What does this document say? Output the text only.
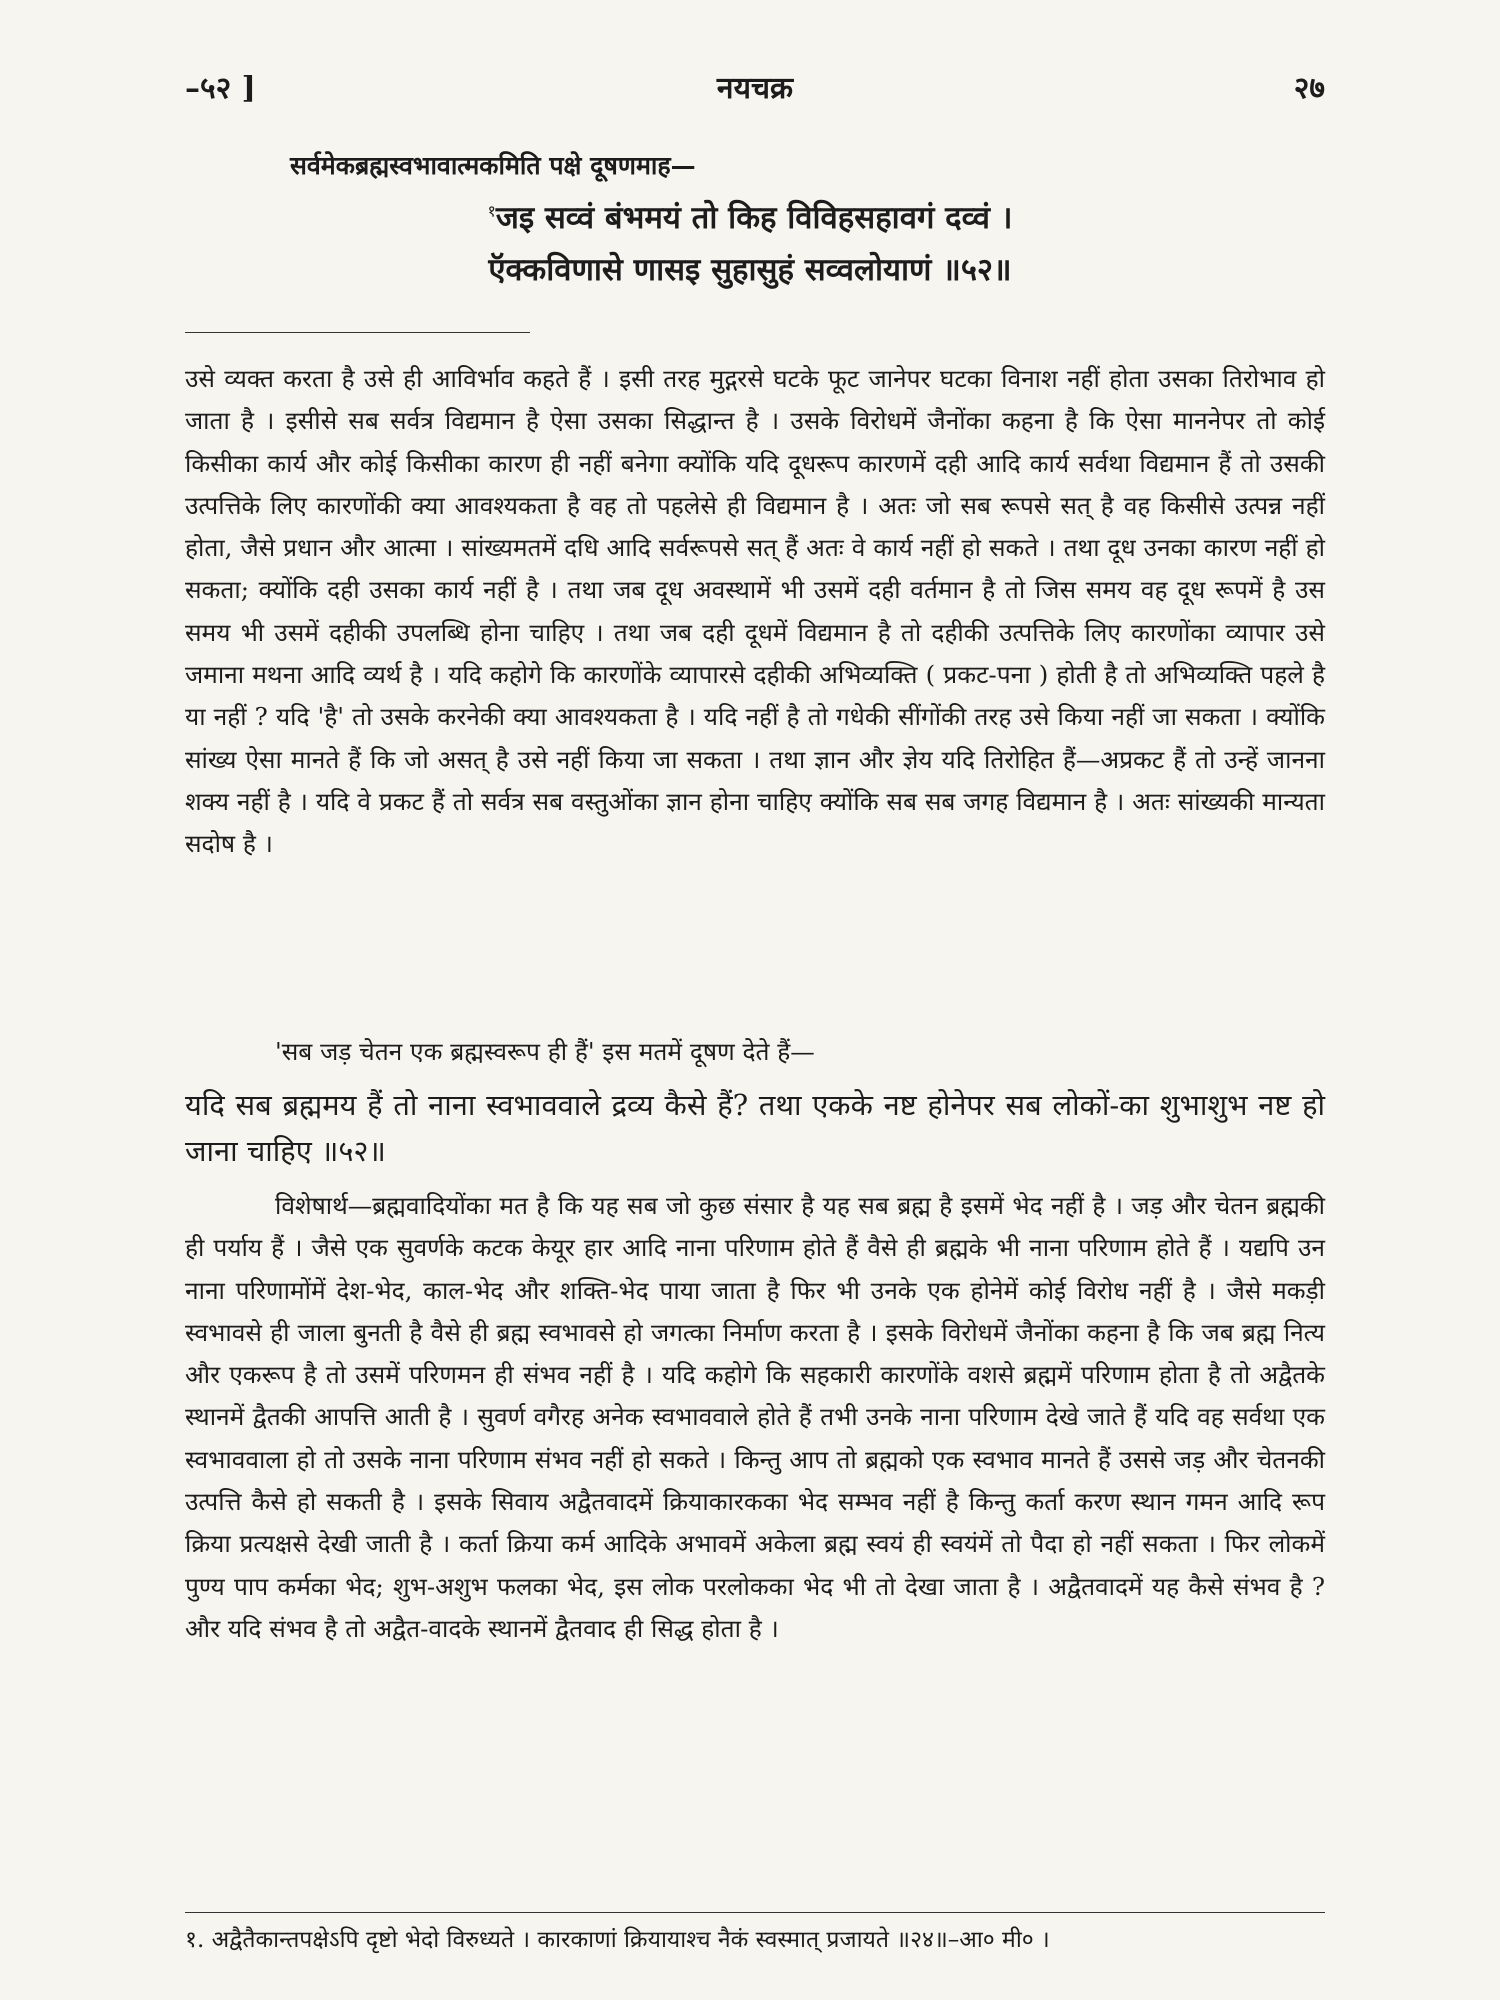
–५२ ]	नयचक्र	२७
सर्वमेकब्रह्मस्वभावात्मकमिति पक्षे दूषणमाह—
$^१$जइ सव्वं बंभमयं तो किह विविहसहावगं दव्वं ।
ऍक्कविणासे णासइ सुहासुहं सव्वलोयाणं ॥५२॥
उसे व्यक्त करता है उसे ही आविर्भाव कहते हैं । इसी तरह मुद्गरसे घटके फूट जानेपर घटका विनाश नहीं होता उसका तिरोभाव हो जाता है । इसीसे सब सर्वत्र विद्यमान है ऐसा उसका सिद्धान्त है । उसके विरोधमें जैनोंका कहना है कि ऐसा माननेपर तो कोई किसीका कार्य और कोई किसीका कारण ही नहीं बनेगा क्योंकि यदि दूधरूप कारणमें दही आदि कार्य सर्वथा विद्यमान हैं तो उसकी उत्पत्तिके लिए कारणोंकी क्या आवश्यकता है वह तो पहलेसे ही विद्यमान है । अतः जो सब रूपसे सत् है वह किसीसे उत्पन्न नहीं होता, जैसे प्रधान और आत्मा । सांख्यमतमें दधि आदि सर्वरूपसे सत् हैं अतः वे कार्य नहीं हो सकते । तथा दूध उनका कारण नहीं हो सकता; क्योंकि दही उसका कार्य नहीं है । तथा जब दूध अवस्थामें भी उसमें दही वर्तमान है तो जिस समय वह दूध रूपमें है उस समय भी उसमें दहीकी उपलब्धि होना चाहिए । तथा जब दही दूधमें विद्यमान है तो दहीकी उत्पत्तिके लिए कारणोंका व्यापार उसे जमाना मथना आदि व्यर्थ है । यदि कहोगे कि कारणोंके व्यापारसे दहीकी अभिव्यक्ति ( प्रकट-पना ) होती है तो अभिव्यक्ति पहले है या नहीं ? यदि 'है' तो उसके करनेकी क्या आवश्यकता है । यदि नहीं है तो गधेकी सींगोंकी तरह उसे किया नहीं जा सकता । क्योंकि सांख्य ऐसा मानते हैं कि जो असत् है उसे नहीं किया जा सकता । तथा ज्ञान और ज्ञेय यदि तिरोहित हैं—अप्रकट हैं तो उन्हें जानना शक्य नहीं है । यदि वे प्रकट हैं तो सर्वत्र सब वस्तुओंका ज्ञान होना चाहिए क्योंकि सब सब जगह विद्यमान है । अतः सांख्यकी मान्यता सदोष है ।
'सब जड़ चेतन एक ब्रह्मस्वरूप ही हैं' इस मतमें दूषण देते हैं—
यदि सब ब्रह्ममय हैं तो नाना स्वभाववाले द्रव्य कैसे हैं? तथा एकके नष्ट होनेपर सब लोकों-का शुभाशुभ नष्ट हो जाना चाहिए ॥५२॥
विशेषार्थ—ब्रह्मवादियोंका मत है कि यह सब जो कुछ संसार है यह सब ब्रह्म है इसमें भेद नहीं है । जड़ और चेतन ब्रह्मकी ही पर्याय हैं । जैसे एक सुवर्णके कटक केयूर हार आदि नाना परिणाम होते हैं वैसे ही ब्रह्मके भी नाना परिणाम होते हैं । यद्यपि उन नाना परिणामोंमें देश-भेद, काल-भेद और शक्ति-भेद पाया जाता है फिर भी उनके एक होनेमें कोई विरोध नहीं है । जैसे मकड़ी स्वभावसे ही जाला बुनती है वैसे ही ब्रह्म स्वभावसे हो जगत्का निर्माण करता है । इसके विरोधमें जैनोंका कहना है कि जब ब्रह्म नित्य और एकरूप है तो उसमें परिणमन ही संभव नहीं है । यदि कहोगे कि सहकारी कारणोंके वशसे ब्रह्ममें परिणाम होता है तो अद्वैतके स्थानमें द्वैतकी आपत्ति आती है । सुवर्ण वगैरह अनेक स्वभाववाले होते हैं तभी उनके नाना परिणाम देखे जाते हैं यदि वह सर्वथा एक स्वभाववाला हो तो उसके नाना परिणाम संभव नहीं हो सकते । किन्तु आप तो ब्रह्मको एक स्वभाव मानते हैं उससे जड़ और चेतनकी उत्पत्ति कैसे हो सकती है । इसके सिवाय अद्वैतवादमें क्रियाकारकका भेद सम्भव नहीं है किन्तु कर्ता करण स्थान गमन आदि रूप क्रिया प्रत्यक्षसे देखी जाती है । कर्ता क्रिया कर्म आदिके अभावमें अकेला ब्रह्म स्वयं ही स्वयंमें तो पैदा हो नहीं सकता । फिर लोकमें पुण्य पाप कर्मका भेद; शुभ-अशुभ फलका भेद, इस लोक परलोकका भेद भी तो देखा जाता है । अद्वैतवादमें यह कैसे संभव है ? और यदि संभव है तो अद्वैत-वादके स्थानमें द्वैतवाद ही सिद्ध होता है ।
१. अद्वैतैकान्तपक्षेऽपि दृष्टो भेदो विरुध्यते । कारकाणां क्रियायाश्च नैकं स्वस्मात् प्रजायते ॥२४॥–आ० मी० ।
